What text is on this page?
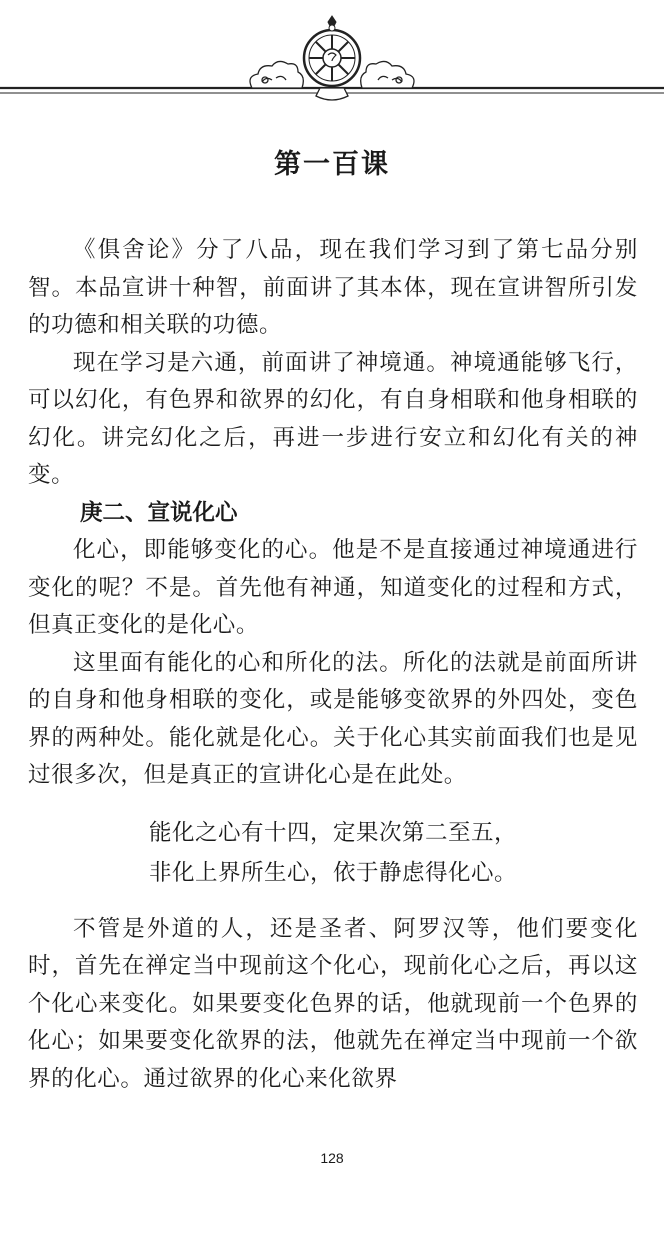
第一百课

《俱舍论》分了八品，现在我们学习到了第七品分别智。本品宣讲十种智，前面讲了其本体，现在宣讲智所引发的功德和相关联的功德。

现在学习是六通，前面讲了神境通。神境通能够飞行，可以幻化，有色界和欲界的幻化，有自身相联和他身相联的幻化。讲完幻化之后，再进一步进行安立和幻化有关的神变。

庚二、宣说化心

化心，即能够变化的心。他是不是直接通过神境通进行变化的呢？不是。首先他有神通，知道变化的过程和方式，但真正变化的是化心。

这里面有能化的心和所化的法。所化的法就是前面所讲的自身和他身相联的变化，或是能够变欲界的外四处，变色界的两种处。能化就是化心。关于化心其实前面我们也是见过很多次，但是真正的宣讲化心是在此处。

能化之心有十四，定果次第二至五，

非化上界所生心，依于静虑得化心。

不管是外道的人，还是圣者、阿罗汉等，他们要变化时，首先在禅定当中现前这个化心，现前化心之后，再以这个化心来变化。如果要变化色界的话，他就现前一个色界的化心；如果要变化欲界的法，他就先在禅定当中现前一个欲界的化心。通过欲界的化心来化欲界

128
